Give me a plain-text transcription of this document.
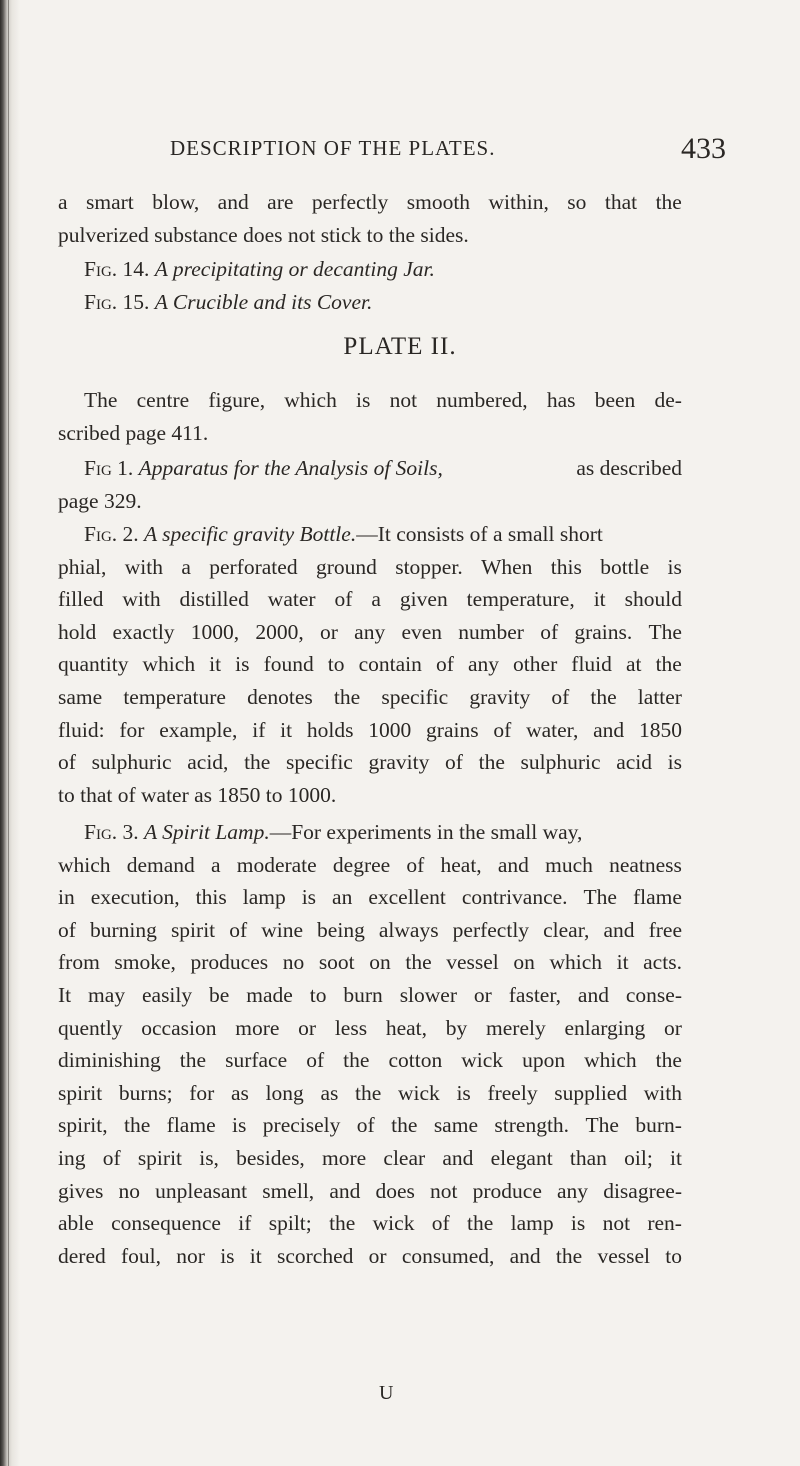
DESCRIPTION OF THE PLATES.	433
a smart blow, and are perfectly smooth within, so that the
pulverized substance does not stick to the sides.
Fig. 14.
A precipitating or decanting Jar.
Fig. 15.
A Crucible and its Cover.
PLATE II.
The centre figure, which is not numbered, has been de-
scribed page 411.
Fig 1. Apparatus for the Analysis of Soils,	as described
page 329.
Fig. 2.
A specific gravity Bottle. —It consists of a small short
phial, with a perforated ground stopper. When this bottle is
filled with distilled water of a given temperature, it should
hold exactly 1000, 2000, or any even number of grains. The
quantity which it is found to contain of any other fluid at the
same temperature denotes the specific gravity of the latter
fluid: for example, if it holds 1000 grains of water, and 1850
of sulphuric acid, the specific gravity of the sulphuric acid is
to that of water as 1850 to 1000.
Fig. 3.
A Spirit Lamp. —For experiments in the small way,
which demand a moderate degree of heat, and much neatness
in execution, this lamp is an excellent contrivance. The flame
of burning spirit of wine being always perfectly clear, and free
from smoke, produces no soot on the vessel on which it acts.
It may easily be made to burn slower or faster, and conse-
quently occasion more or less heat, by merely enlarging or
diminishing the surface of the cotton wick upon which the
spirit burns; for as long as the wick is freely supplied with
spirit, the flame is precisely of the same strength. The burn-
ing of spirit is, besides, more clear and elegant than oil; it
gives no unpleasant smell, and does not produce any disagree-
able consequence if spilt; the wick of the lamp is not ren-
dered foul, nor is it scorched or consumed, and the vessel to
U
